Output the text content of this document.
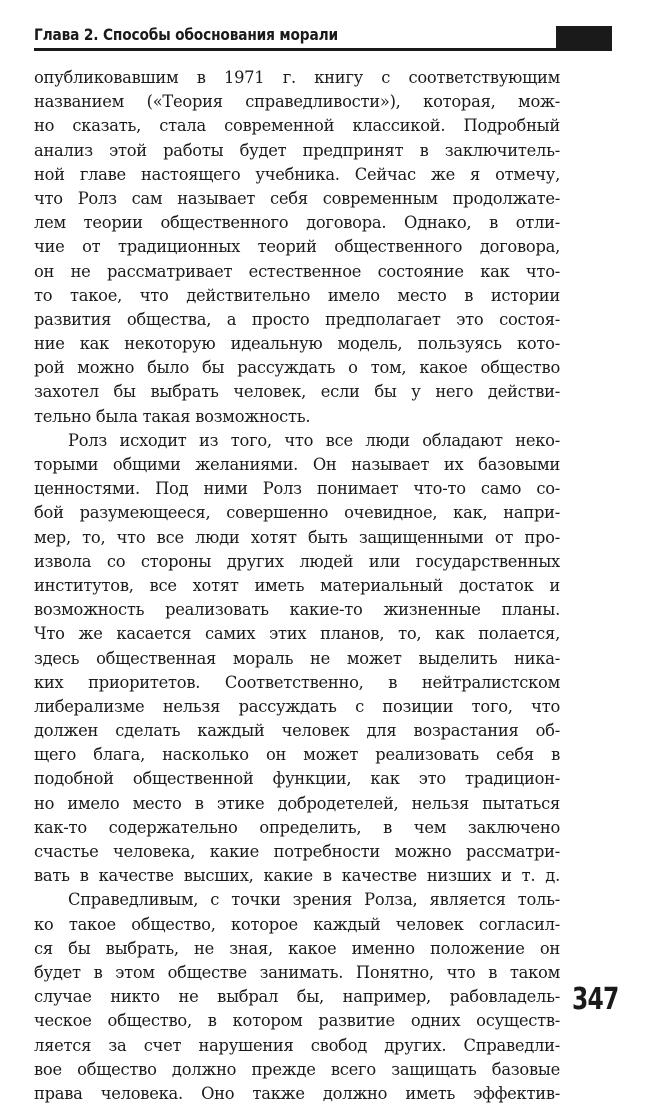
Глава 2. Способы обоснования морали
опубликовавшим в 1971 г. книгу с соответствующим
названием («Теория справедливости»), которая, мож-
но сказать, стала современной классикой. Подробный
анализ этой работы будет предпринят в заключитель-
ной главе настоящего учебника. Сейчас же я отмечу,
что Ролз сам называет себя современным продолжате-
лем теории общественного договора. Однако, в отли-
чие от традиционных теорий общественного договора,
он не рассматривает естественное состояние как что-
то такое, что действительно имело место в истории
развития общества, а просто предполагает это состоя-
ние как некоторую идеальную модель, пользуясь кото-
рой можно было бы рассуждать о том, какое общество
захотел бы выбрать человек, если бы у него действи-
тельно была такая возможность.
Ролз исходит из того, что все люди обладают неко-
торыми общими желаниями. Он называет их базовыми
ценностями. Под ними Ролз понимает что-то само со-
бой разумеющееся, совершенно очевидное, как, напри-
мер, то, что все люди хотят быть защищенными от про-
извола со стороны других людей или государственных
институтов, все хотят иметь материальный достаток и
возможность реализовать какие-то жизненные планы.
Что же касается самих этих планов, то, как полается,
здесь общественная мораль не может выделить никa-
ких приоритетов. Соответственно, в нейтралистском
либерализме нельзя рассуждать с позиции того, что
должен сделать каждый человек для возрастания об-
щего блага, насколько он может реализовать себя в
подобной общественной функции, как это традицион-
но имело место в этике добродетелей, нельзя пытаться
как-то содержательно определить, в чем заключено
счастье человека, какие потребности можно рассматри-
вать в качестве высших, какие в качестве низших и т. д.
Справедливым, с точки зрения Ролза, является толь-
ко такое общество, которое каждый человек согласил-
ся бы выбрать, не зная, какое именно положение он
будет в этом обществе занимать. Понятно, что в таком
случае никто не выбрал бы, например, рабовладель-
ческое общество, в котором развитие одних осуществ-
ляется за счет нарушения свобод других. Справедли-
вое общество должно прежде всего защищать базовые
права человека. Оно также должно иметь эффектив-
347
